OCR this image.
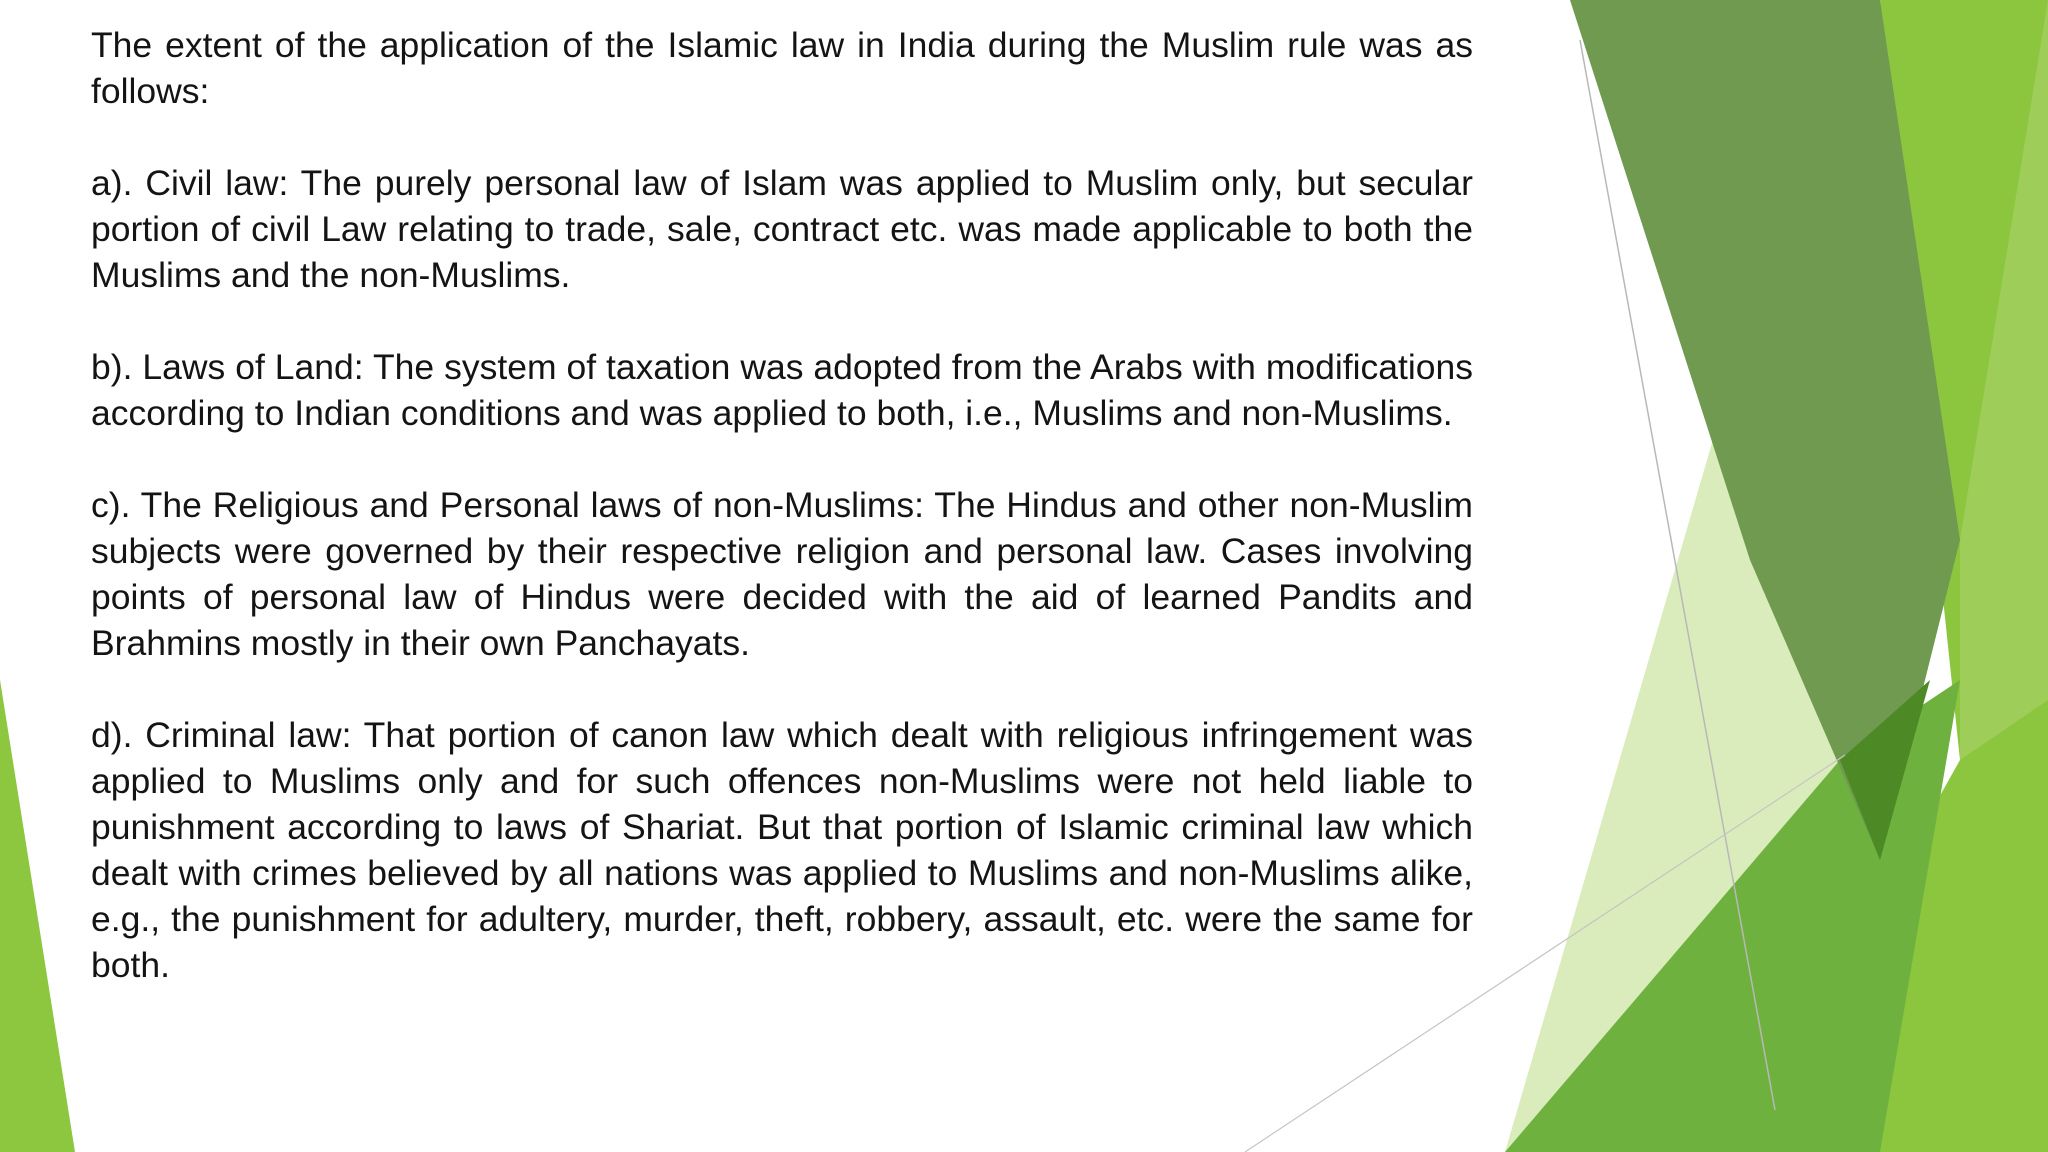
The extent of the application of the Islamic law in India during the Muslim rule was as follows:

a). Civil law: The purely personal law of Islam was applied to Muslim only, but secular portion of civil Law relating to trade, sale, contract etc. was made applicable to both the Muslims and the non-Muslims.

b). Laws of Land: The system of taxation was adopted from the Arabs with modifications according to Indian conditions and was applied to both, i.e., Muslims and non-Muslims.

c). The Religious and Personal laws of non-Muslims: The Hindus and other non-Muslim subjects were governed by their respective religion and personal law. Cases involving points of personal law of Hindus were decided with the aid of learned Pandits and Brahmins mostly in their own Panchayats.

d). Criminal law: That portion of canon law which dealt with religious infringement was applied to Muslims only and for such offences non-Muslims were not held liable to punishment according to laws of Shariat. But that portion of Islamic criminal law which dealt with crimes believed by all nations was applied to Muslims and non-Muslims alike, e.g., the punishment for adultery, murder, theft, robbery, assault, etc. were the same for both.
